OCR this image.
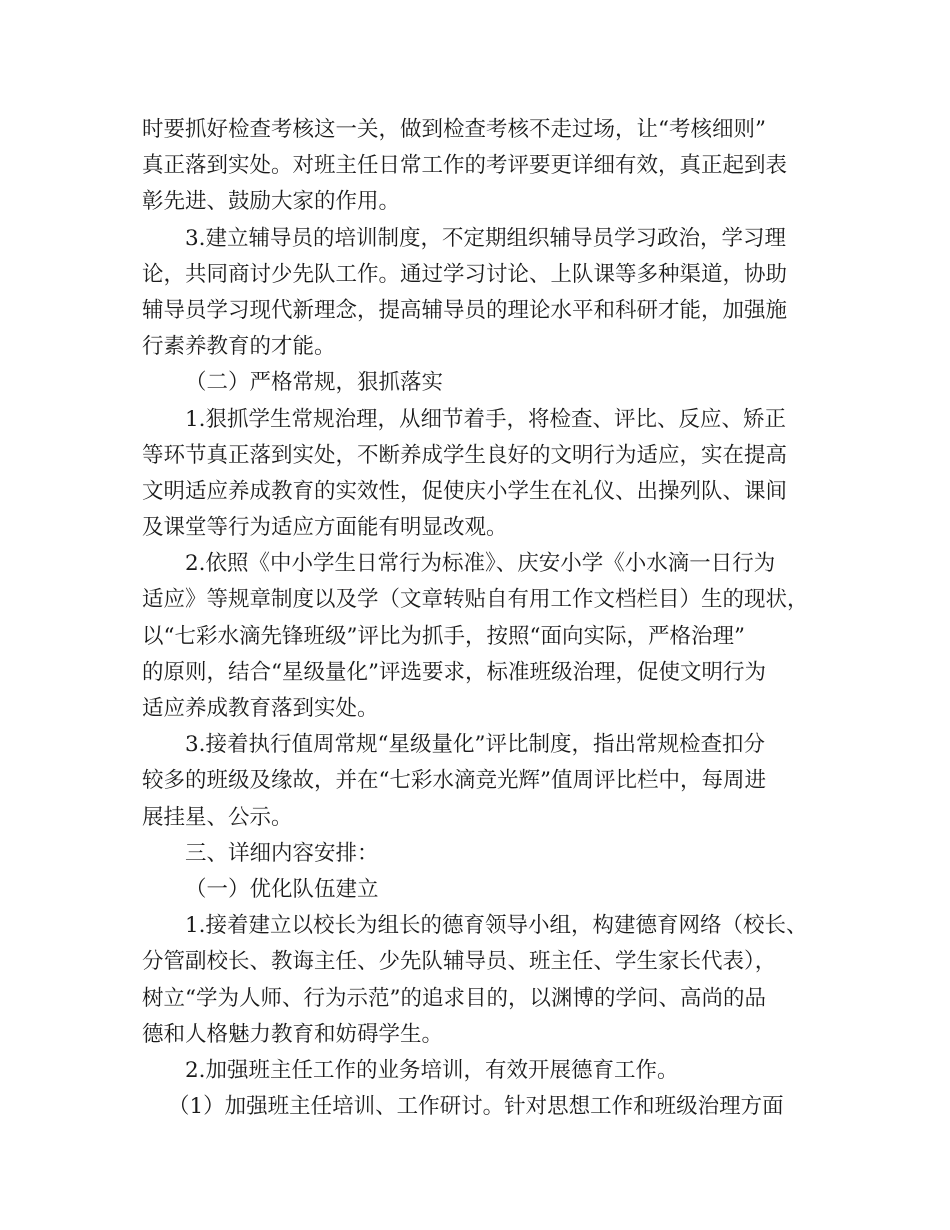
时要抓好检查考核这一关，做到检查考核不走过场，让“考核细则”
真正落到实处。对班主任日常工作的考评要更详细有效，真正起到表
彰先进、鼓励大家的作用。
3.建立辅导员的培训制度，不定期组织辅导员学习政治，学习理
论，共同商讨少先队工作。通过学习讨论、上队课等多种渠道，协助
辅导员学习现代新理念，提高辅导员的理论水平和科研才能，加强施
行素养教育的才能。
（二）严格常规，狠抓落实
1.狠抓学生常规治理，从细节着手，将检查、评比、反应、矫正
等环节真正落到实处，不断养成学生良好的文明行为适应，实在提高
文明适应养成教育的实效性，促使庆小学生在礼仪、出操列队、课间
及课堂等行为适应方面能有明显改观。
2.依照《中小学生日常行为标准》、庆安小学《小水滴一日行为
适应》等规章制度以及学（文章转贴自有用工作文档栏目）生的现状，
以“七彩水滴先锋班级”评比为抓手，按照“面向实际，严格治理”
的原则，结合“星级量化”评选要求，标准班级治理，促使文明行为
适应养成教育落到实处。
3.接着执行值周常规“星级量化”评比制度，指出常规检查扣分
较多的班级及缘故，并在“七彩水滴竞光辉”值周评比栏中，每周进
展挂星、公示。
三、详细内容安排：
（一）优化队伍建立
1.接着建立以校长为组长的德育领导小组，构建德育网络（校长、
分管副校长、教诲主任、少先队辅导员、班主任、学生家长代表），
树立“学为人师、行为示范”的追求目的，以渊博的学问、高尚的品
德和人格魅力教育和妨碍学生。
2.加强班主任工作的业务培训，有效开展德育工作。
（1）加强班主任培训、工作研讨。针对思想工作和班级治理方面
